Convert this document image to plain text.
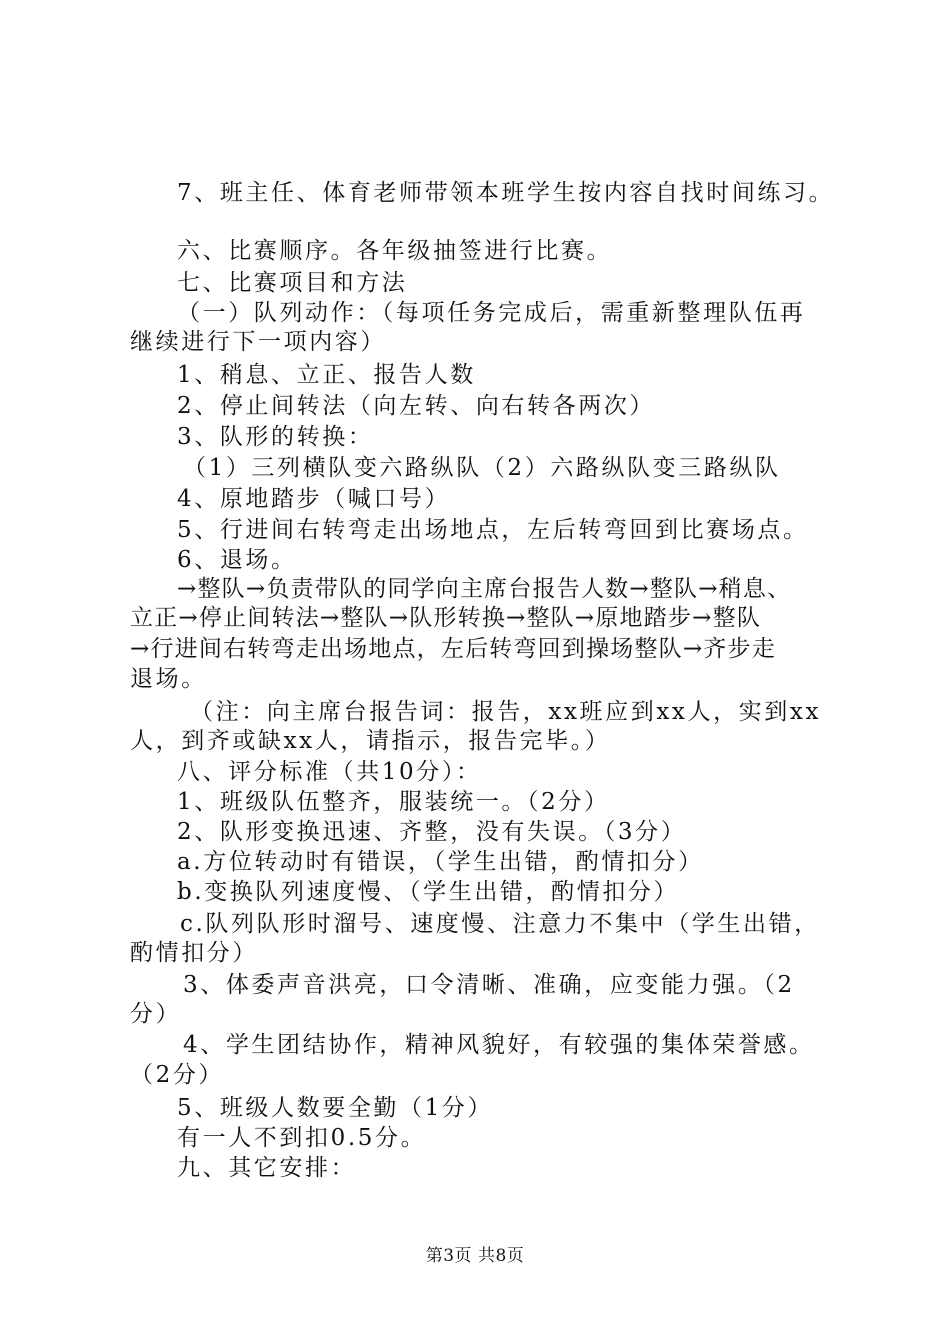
7、班主任、体育老师带领本班学生按内容自找时间练习。
六、比赛顺序。各年级抽签进行比赛。
七、比赛项目和方法
（一）队列动作：（每项任务完成后，需重新整理队伍再
继续进行下一项内容）
1、稍息、立正、报告人数
2、停止间转法（向左转、向右转各两次）
3、队形的转换：
（1）三列横队变六路纵队（2）六路纵队变三路纵队
4、原地踏步（喊口号）
5、行进间右转弯走出场地点，左后转弯回到比赛场点。
6、退场。
→整队→负责带队的同学向主席台报告人数→整队→稍息、
立正→停止间转法→整队→队形转换→整队→原地踏步→整队
→行进间右转弯走出场地点，左后转弯回到操场整队→齐步走
退场。
（注：向主席台报告词：报告，xx班应到xx人，实到xx
人，到齐或缺xx人，请指示，报告完毕。）
八、评分标准（共10分）：
1、班级队伍整齐，服装统一。（2分）
2、队形变换迅速、齐整，没有失误。（3分）
a.方位转动时有错误，（学生出错，酌情扣分）
b.变换队列速度慢、（学生出错，酌情扣分）
c.队列队形时溜号、速度慢、注意力不集中（学生出错，
酌情扣分）
3、体委声音洪亮，口令清晰、准确，应变能力强。（2
分）
4、学生团结协作，精神风貌好，有较强的集体荣誉感。
（2分）
5、班级人数要全勤（1分）
有一人不到扣0.5分。
九、其它安排：
第3页 共8页
